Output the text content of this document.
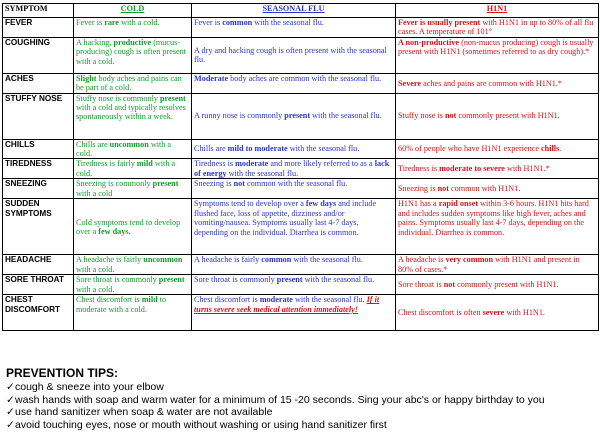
SYMPTOM	COLD	SEASONAL FLU	H1N1
FEVER	Fever is rare with a cold.	Fever is common with the seasonal flu.	Fever is usually present with H1N1 in up to 80% of all flu cases. A temperature of 101°
COUGHING	A hacking, productive (mucus-producing) cough is often present with a cold.	A dry and hacking cough is often present with the seasonal flu.	A non-productive (non-mucus producing) cough is usually present with H1N1 (sometimes referred to as dry cough).*
ACHES	Slight body aches and pains can be part of a cold.	Moderate body aches are common with the seasonal flu.	Severe aches and pains are common with H1N1.*
STUFFY NOSE	Stuffy nose is commonly present with a cold and typically resolves spontaneously within a week.	A runny nose is commonly present with the seasonal flu.	Stuffy nose is not commonly present with H1N1.
CHILLS	Chills are uncommon with a cold.	Chills are mild to moderate with the seasonal flu.	60% of people who have H1N1 experience chills.
TIREDNESS	Tiredness is fairly mild with a cold.	Tiredness is moderate and more likely referred to as a lack of energy with the seasonal flu.	Tiredness is moderate to severe with H1N1.*
SNEEZING	Sneezing is commonly present with a cold	Sneezing is not common with the seasonal flu.	Sneezing is not common with H1N1.
SUDDEN SYMPTOMS	Cold symptoms tend to develop over a few days.	Symptoms tend to develop over a few days and include flushed face, loss of appetite, dizziness and/or vomiting/nausea. Symptoms usually last 4-7 days, depending on the individual. Diarrhea is common.	H1N1 has a rapid onset within 3-6 hours. H1N1 hits hard and includes sudden symptoms like high fever, aches and pains. Symptoms usually last 4-7 days, depending on the individual. Diarrhea is common.
HEADACHE	A headache is fairly uncommon with a cold.	A headache is fairly common with the seasonal flu.	A headache is very common with H1N1 and present in 80% of cases.*
SORE THROAT	Sore throat is commonly present with a cold.	Sore throat is commonly present with the seasonal flu.	Sore throat is not commonly present with H1N1.
CHEST DISCOMFORT	Chest discomfort is mild to moderate with a cold.	Chest discomfort is moderate with the seasonal flu. If it turns severe seek medical attention immediately!	Chest discomfort is often severe with H1N1.
PREVENTION TIPS:
✓cough & sneeze into your elbow
✓wash hands with soap and warm water for a minimum of 15 -20 seconds. Sing your abc's or happy birthday to you
✓use hand sanitizer when soap & water are not available
✓avoid touching eyes, nose or mouth without washing or using hand sanitizer first
